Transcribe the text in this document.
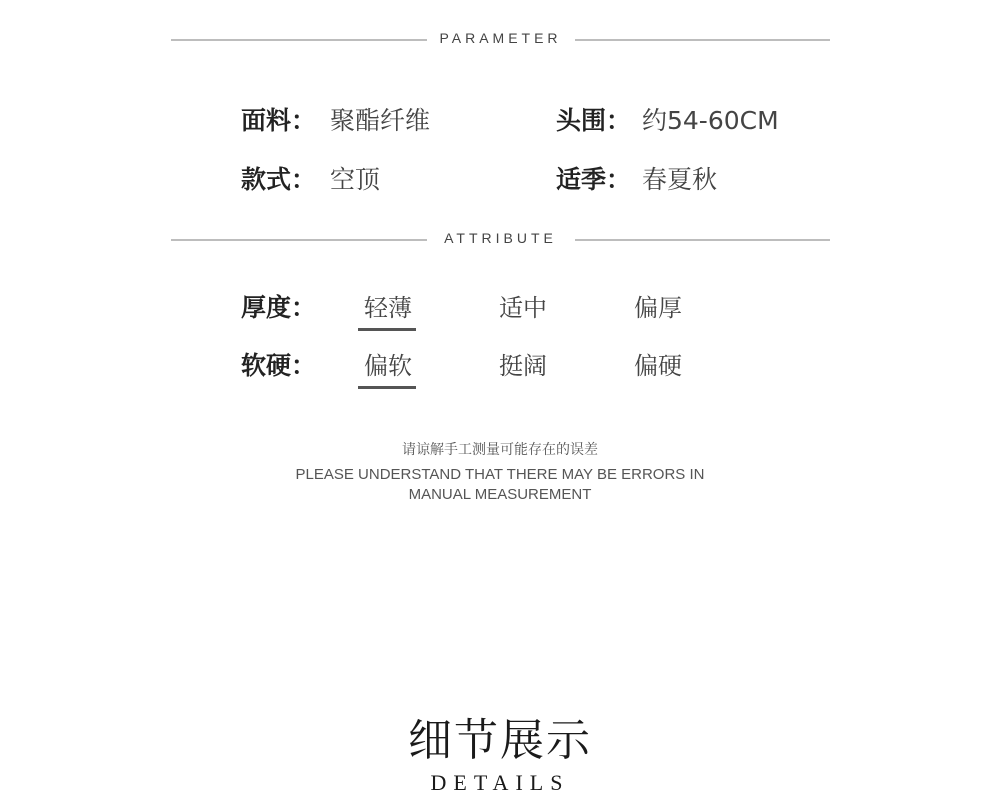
PARAMETER
面料： 聚酯纤维	头围： 约54-60CM
款式： 空顶	适季： 春夏秋
ATTRIBUTE
厚度： 轻薄	适中	偏厚
软硬： 偏软	挺阔	偏硬
请谅解手工测量可能存在的误差
PLEASE UNDERSTAND THAT THERE MAY BE ERRORS IN MANUAL MEASUREMENT
细节展示
DETAILS
